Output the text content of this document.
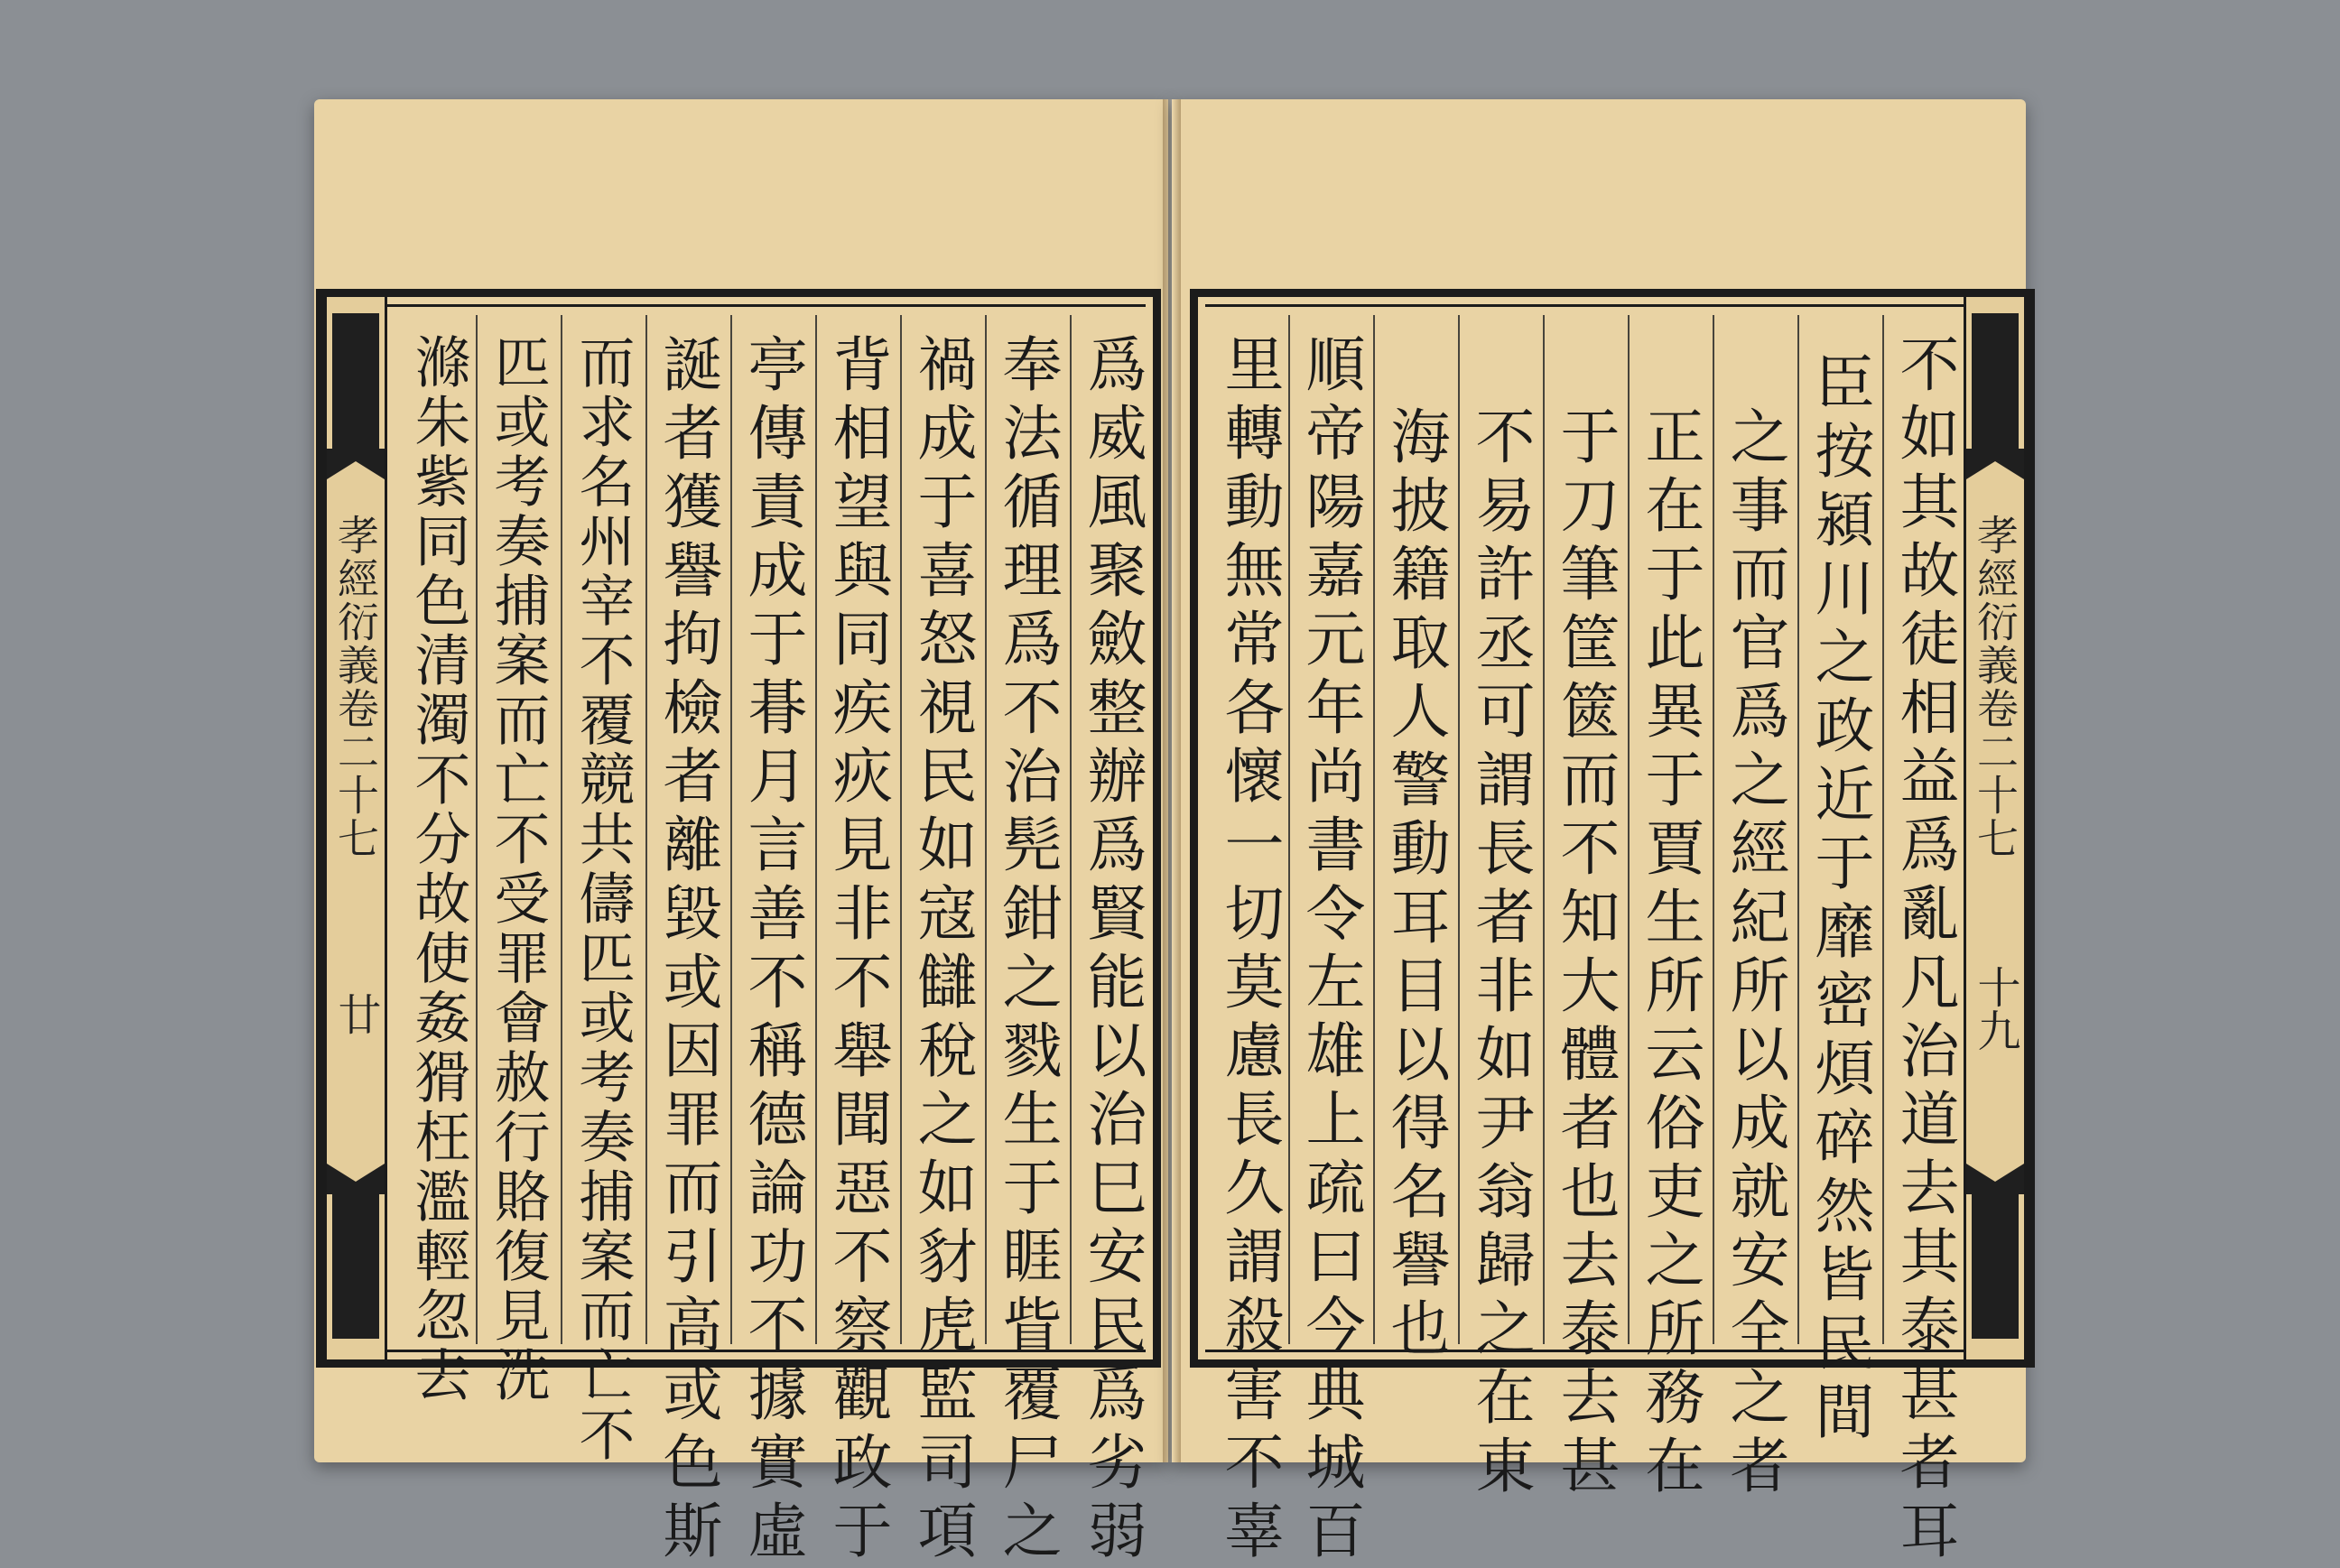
孝經衍義卷二十七
廿	爲威風聚斂整辦爲賢能以治巳安民爲劣弱
奉法循理爲不治髡鉗之戮生于睚眥覆尸之
禍成于喜怒視民如寇讎稅之如豺虎監司項
背相望與同疾疢見非不舉聞惡不察觀政于
亭傳責成于朞月言善不稱德論功不據實虛
誕者獲譽拘檢者離毀或因罪而引高或色斯
而求名州宰不覆競共儔匹或考奏捕案而亡不
匹或考奏捕案而亡不受罪會赦行賂復見洗
滌朱紫同色清濁不分故使姦猾枉濫輕忽去	孝經衍義卷二十七
十九
不如其故徒相益爲亂凡治道去其泰甚者耳
臣按潁川之政近于靡密煩碎然皆民間
之事而官爲之經紀所以成就安全之者
正在于此異于賈生所云俗吏之所務在
于刀筆筐篋而不知大體者也去泰去甚
不易許丞可謂長者非如尹翁歸之在東
海披籍取人警動耳目以得名譽也
順帝陽嘉元年尚書令左雄上疏曰今典城百
里轉動無常各懷一切莫慮長久謂殺害不辜
